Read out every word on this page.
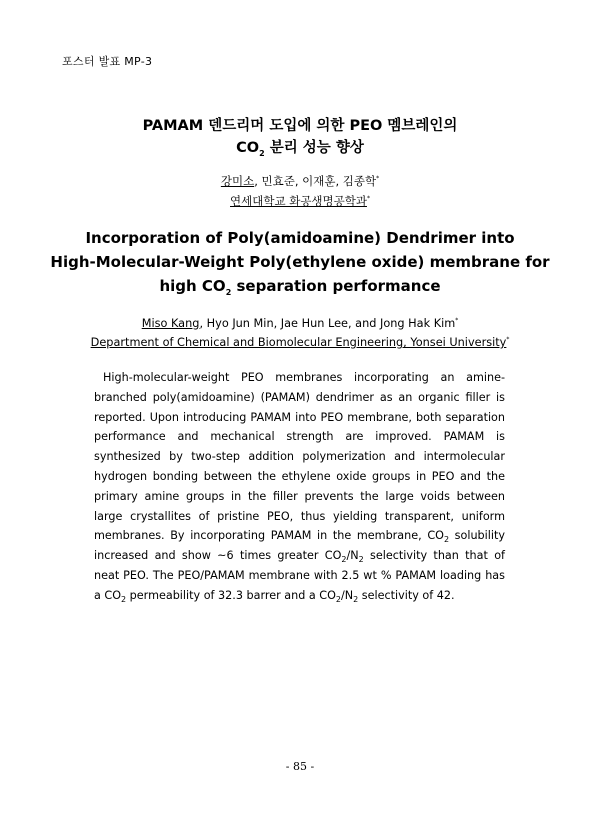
포스터 발표 MP-3
PAMAM 덴드리머 도입에 의한 PEO 멤브레인의
$CO_2$ 분리 성능 향상
강미소, 민효준, 이재훈, 김종학*
연세대학교 화공생명공학과*
Incorporation of Poly(amidoamine) Dendrimer into
High-Molecular-Weight Poly(ethylene oxide) membrane for
high $CO_2$ separation performance
Miso Kang, Hyo Jun Min, Jae Hun Lee, and Jong Hak Kim*
Department of Chemical and Biomolecular Engineering, Yonsei University*

High-molecular-weight PEO membranes incorporating an amine-branched poly(amidoamine) (PAMAM) dendrimer as an organic filler is reported. Upon introducing PAMAM into PEO membrane, both separation performance and mechanical strength are improved. PAMAM is synthesized by two-step addition polymerization and intermolecular hydrogen bonding between the ethylene oxide groups in PEO and the primary amine groups in the filler prevents the large voids between large crystallites of pristine PEO, thus yielding transparent, uniform membranes. By incorporating PAMAM in the membrane, $CO_2$ solubility increased and show ~6 times greater $CO_2/N_2$ selectivity than that of neat PEO. The PEO/PAMAM membrane with 2.5 wt % PAMAM loading has a $CO_2$ permeability of 32.3 barrer and a $CO_2/N_2$ selectivity of 42.

- 85 -
